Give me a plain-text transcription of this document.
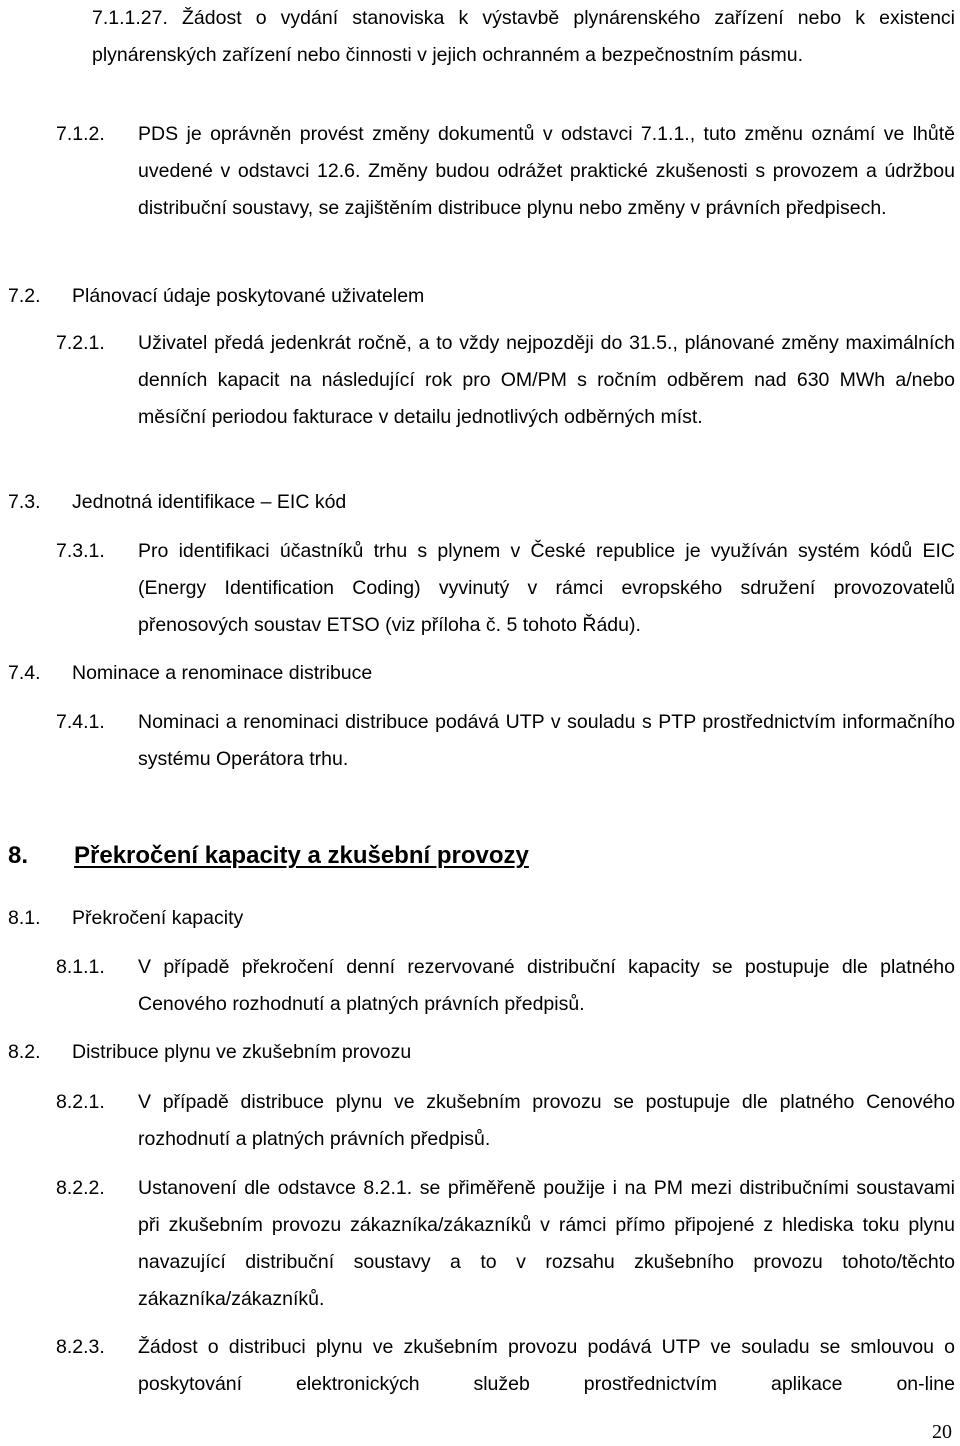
7.1.1.27. Žádost o vydání stanoviska k výstavbě plynárenského zařízení nebo k existenci plynárenských zařízení nebo činnosti v jejich ochranném a bezpečnostním pásmu.
7.1.2. PDS je oprávněn provést změny dokumentů v odstavci 7.1.1., tuto změnu oznámí ve lhůtě uvedené v odstavci 12.6. Změny budou odrážet praktické zkušenosti s provozem a údržbou distribuční soustavy, se zajištěním distribuce plynu nebo změny v právních předpisech.
7.2. Plánovací údaje poskytované uživatelem
7.2.1. Uživatel předá jedenkrát ročně, a to vždy nejpozději do 31.5., plánované změny maximálních denních kapacit na následující rok pro OM/PM s ročním odběrem nad 630 MWh a/nebo měsíční periodou fakturace v detailu jednotlivých odběrných míst.
7.3. Jednotná identifikace – EIC kód
7.3.1. Pro identifikaci účastníků trhu s plynem v České republice je využíván systém kódů EIC (Energy Identification Coding) vyvinutý v rámci evropského sdružení provozovatelů přenosových soustav ETSO (viz příloha č. 5 tohoto Řádu).
7.4. Nominace a renominace distribuce
7.4.1. Nominaci a renominaci distribuce podává UTP v souladu s PTP prostřednictvím informačního systému Operátora trhu.
8. Překročení kapacity a zkušební provozy
8.1. Překročení kapacity
8.1.1. V případě překročení denní rezervované distribuční kapacity se postupuje dle platného Cenového rozhodnutí a platných právních předpisů.
8.2. Distribuce plynu ve zkušebním provozu
8.2.1. V případě distribuce plynu ve zkušebním provozu se postupuje dle platného Cenového rozhodnutí a platných právních předpisů.
8.2.2. Ustanovení dle odstavce 8.2.1. se přiměřeně použije i na PM mezi distribučními soustavami při zkušebním provozu zákazníka/zákazníků v rámci přímo připojené z hlediska toku plynu navazující distribuční soustavy a to v rozsahu zkušebního provozu tohoto/těchto zákazníka/zákazníků.
8.2.3. Žádost o distribuci plynu ve zkušebním provozu podává UTP ve souladu se smlouvou o poskytování elektronických služeb prostřednictvím aplikace on-line
20
